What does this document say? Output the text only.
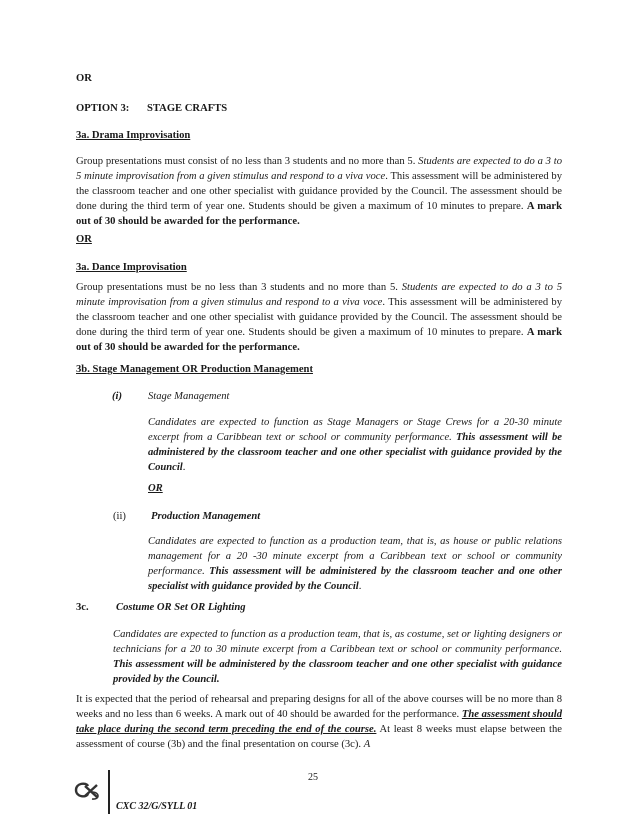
OR
OPTION 3: STAGE CRAFTS
3a. Drama Improvisation
Group presentations must consist of no less than 3 students and no more than 5. Students are expected to do a 3 to 5 minute improvisation from a given stimulus and respond to a viva voce. This assessment will be administered by the classroom teacher and one other specialist with guidance provided by the Council. The assessment should be done during the third term of year one. Students should be given a maximum of 10 minutes to prepare. A mark out of 30 should be awarded for the performance.
OR
3a. Dance Improvisation
Group presentations must be no less than 3 students and no more than 5. Students are expected to do a 3 to 5 minute improvisation from a given stimulus and respond to a viva voce. This assessment will be administered by the classroom teacher and one other specialist with guidance provided by the Council. The assessment should be done during the third term of year one. Students should be given a maximum of 10 minutes to prepare. A mark out of 30 should be awarded for the performance.
3b. Stage Management OR Production Management
(i) Stage Management
Candidates are expected to function as Stage Managers or Stage Crews for a 20-30 minute excerpt from a Caribbean text or school or community performance. This assessment will be administered by the classroom teacher and one other specialist with guidance provided by the Council.
OR
(ii) Production Management
Candidates are expected to function as a production team, that is, as house or public relations management for a 20 -30 minute excerpt from a Caribbean text or school or community performance. This assessment will be administered by the classroom teacher and one other specialist with guidance provided by the Council.
3c.	Costume OR Set OR Lighting
Candidates are expected to function as a production team, that is, as costume, set or lighting designers or technicians for a 20 to 30 minute excerpt from a Caribbean text or school or community performance. This assessment will be administered by the classroom teacher and one other specialist with guidance provided by the Council.
It is expected that the period of rehearsal and preparing designs for all of the above courses will be no more than 8 weeks and no less than 6 weeks. A mark out of 40 should be awarded for the performance. The assessment should take place during the second term preceding the end of the course. At least 8 weeks must elapse between the assessment of course (3b) and the final presentation on course (3c). A
25
CXC 32/G/SYLL 01
